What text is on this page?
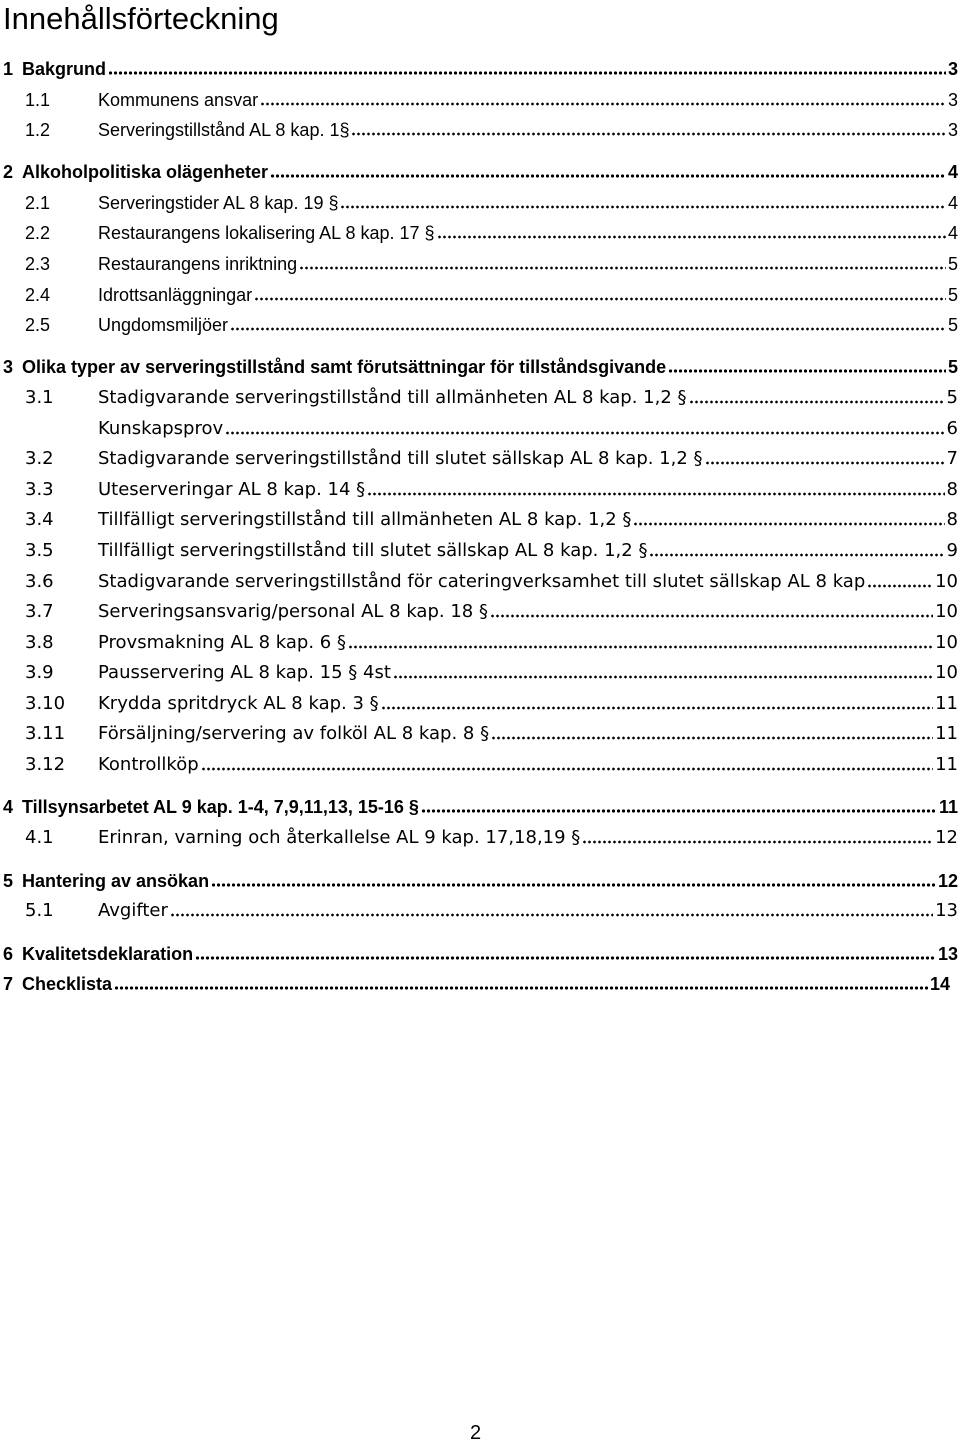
Innehållsförteckning
1 Bakgrund	3
1.1	Kommunens ansvar	3
1.2	Serveringstillstånd AL 8 kap. 1§	3
2 Alkoholpolitiska olägenheter	4
2.1	Serveringstider AL 8 kap. 19 §	4
2.2	Restaurangens lokalisering AL 8 kap. 17 §	4
2.3	Restaurangens inriktning	5
2.4	Idrottsanläggningar	5
2.5	Ungdomsmiljöer	5
3 Olika typer av serveringstillstånd samt förutsättningar för tillståndsgivande	5
3.1	Stadigvarande serveringstillstånd till allmänheten AL 8 kap. 1,2 §	5
Kunskapsprov	6
3.2	Stadigvarande serveringstillstånd till slutet sällskap AL 8 kap. 1,2 §	7
3.3	Uteserveringar AL 8 kap. 14 §	8
3.4	Tillfälligt serveringstillstånd till allmänheten AL 8 kap. 1,2 §	8
3.5	Tillfälligt serveringstillstånd till slutet sällskap AL 8 kap. 1,2 §	9
3.6	Stadigvarande serveringstillstånd för cateringverksamhet till slutet sällskap AL 8 kap	10
3.7	Serveringsansvarig/personal AL 8 kap. 18 §	10
3.8	Provsmakning AL 8 kap. 6 §	10
3.9	Pausservering AL 8 kap. 15 § 4st	10
3.10	Krydda spritdryck AL 8 kap. 3 §	11
3.11	Försäljning/servering av folköl AL 8 kap. 8 §	11
3.12	Kontrollköp	11
4 Tillsynsarbetet AL 9 kap. 1-4, 7,9,11,13, 15-16 §	11
4.1	Erinran, varning och återkallelse AL 9 kap. 17,18,19 §	12
5 Hantering av ansökan	12
5.1	Avgifter	13
6 Kvalitetsdeklaration	13
7 Checklista	14
2
